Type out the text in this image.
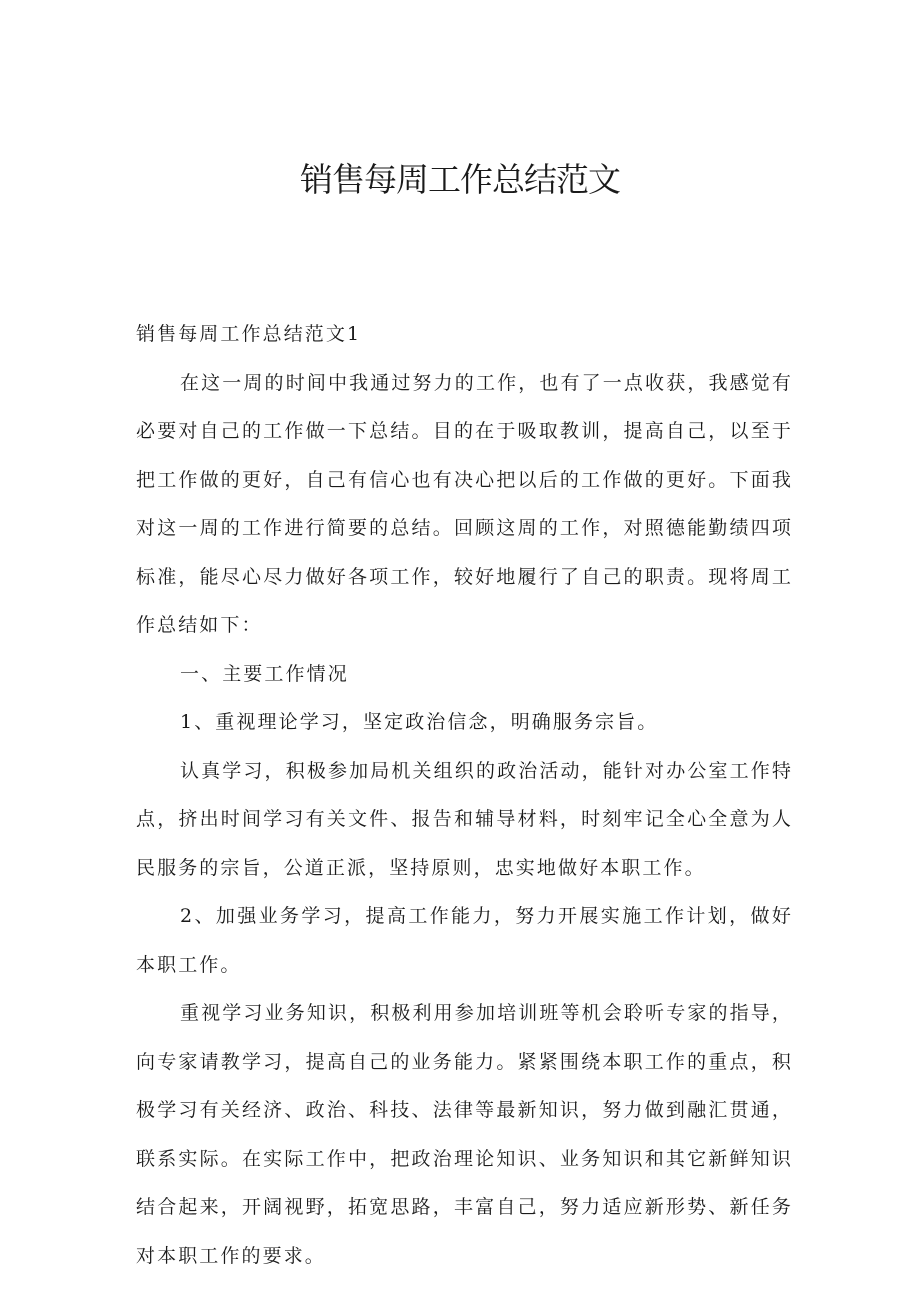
销售每周工作总结范文

销售每周工作总结范文1

在这一周的时间中我通过努力的工作，也有了一点收获，我感觉有必要对自己的工作做一下总结。目的在于吸取教训，提高自己，以至于把工作做的更好，自己有信心也有决心把以后的工作做的更好。下面我对这一周的工作进行简要的总结。回顾这周的工作，对照德能勤绩四项标准，能尽心尽力做好各项工作，较好地履行了自己的职责。现将周工作总结如下：

一、主要工作情况

1、重视理论学习，坚定政治信念，明确服务宗旨。

认真学习，积极参加局机关组织的政治活动，能针对办公室工作特点，挤出时间学习有关文件、报告和辅导材料，时刻牢记全心全意为人民服务的宗旨，公道正派，坚持原则，忠实地做好本职工作。

2、加强业务学习，提高工作能力，努力开展实施工作计划，做好本职工作。

重视学习业务知识，积极利用参加培训班等机会聆听专家的指导，向专家请教学习，提高自己的业务能力。紧紧围绕本职工作的重点，积极学习有关经济、政治、科技、法律等最新知识，努力做到融汇贯通，联系实际。在实际工作中，把政治理论知识、业务知识和其它新鲜知识结合起来，开阔视野，拓宽思路，丰富自己，努力适应新形势、新任务对本职工作的要求。
